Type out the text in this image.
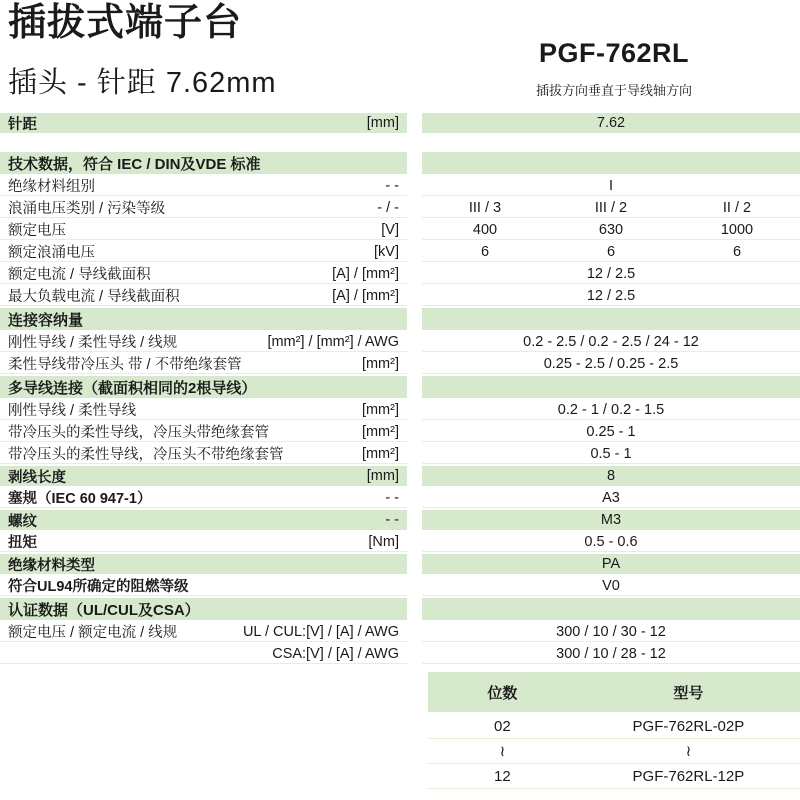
插拔式端子台
插头 - 针距 7.62mm
PGF-762RL
插拔方向垂直于导线轴方向
针距	[mm]	7.62
技术数据，符合 IEC / DIN及VDE 标准
绝缘材料组别	- -	I
浪涌电压类别 / 污染等级	- / -	III / 3	III / 2	II / 2
额定电压	[V]	400	630	1000
额定浪涌电压	[kV]	6	6	6
额定电流 / 导线截面积	[A] / [mm²]	12 / 2.5
最大负载电流 / 导线截面积	[A] / [mm²]	12 / 2.5
连接容纳量
刚性导线 / 柔性导线 / 线规	[mm²] / [mm²] / AWG	0.2 - 2.5 / 0.2 - 2.5 / 24 - 12
柔性导线带冷压头 带 / 不带绝缘套管	[mm²]	0.25 - 2.5 / 0.25 - 2.5
多导线连接（截面积相同的2根导线）
刚性导线 / 柔性导线	[mm²]	0.2 - 1 / 0.2 - 1.5
带冷压头的柔性导线，冷压头带绝缘套管	[mm²]	0.25 - 1
带冷压头的柔性导线，冷压头不带绝缘套管	[mm²]	0.5 - 1
剥线长度	[mm]	8
塞规（IEC 60 947-1）	- -	A3
螺纹	- -	M3
扭矩	[Nm]	0.5 - 0.6
绝缘材料类型	PA
符合UL94所确定的阻燃等级	V0
认证数据（UL/CUL及CSA）
额定电压 / 额定电流 / 线规	UL / CUL:[V] / [A] / AWG	300 / 10 / 30 - 12
CSA:[V] / [A] / AWG	300 / 10 / 28 - 12
位数	型号
02	PGF-762RL-02P
≀	≀
12	PGF-762RL-12P
